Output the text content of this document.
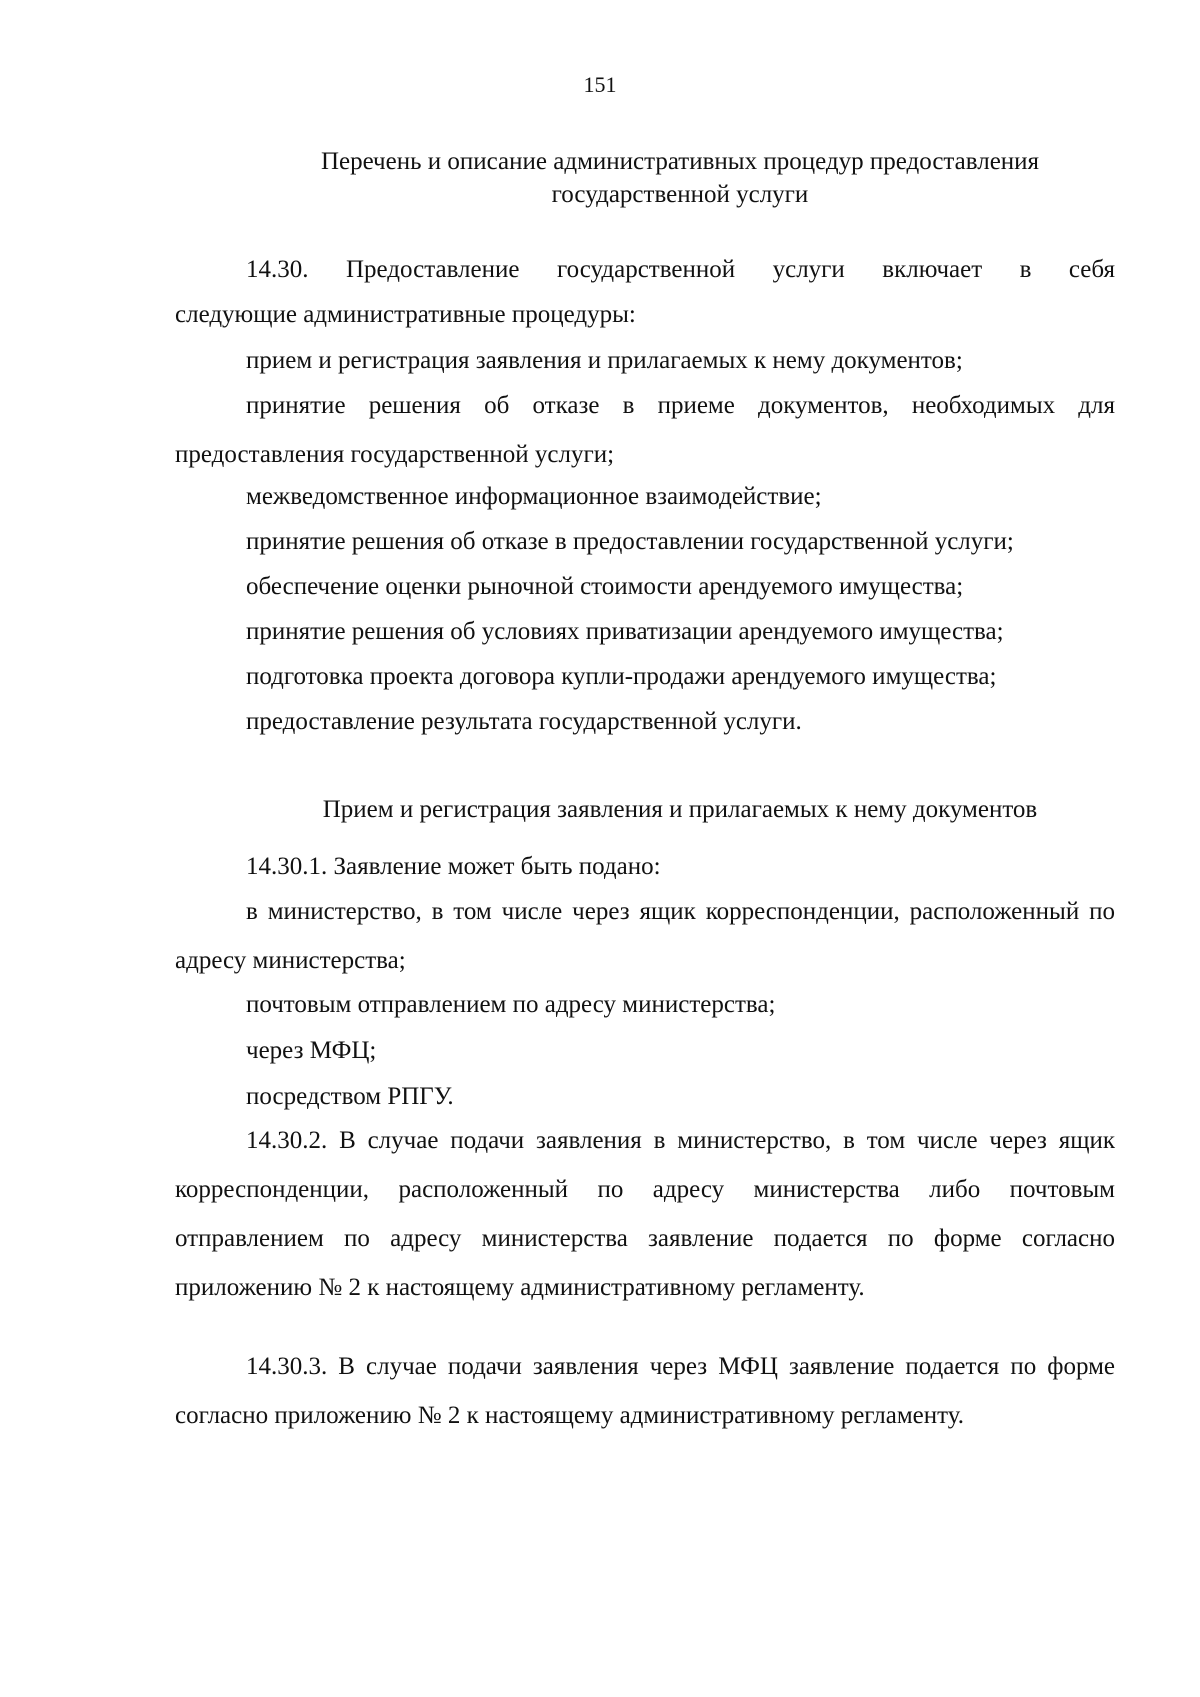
151
Перечень и описание административных процедур предоставления
государственной услуги
14.30. Предоставление государственной услуги включает в себя
следующие административные процедуры:
прием и регистрация заявления и прилагаемых к нему документов;
принятие решения об отказе в приеме документов, необходимых для предоставления государственной услуги;
межведомственное информационное взаимодействие;
принятие решения об отказе в предоставлении государственной услуги;
обеспечение оценки рыночной стоимости арендуемого имущества;
принятие решения об условиях приватизации арендуемого имущества;
подготовка проекта договора купли-продажи арендуемого имущества;
предоставление результата государственной услуги.
Прием и регистрация заявления и прилагаемых к нему документов
14.30.1. Заявление может быть подано:
в министерство, в том числе через ящик корреспонденции, расположенный по адресу министерства;
почтовым отправлением по адресу министерства;
через МФЦ;
посредством РПГУ.
14.30.2. В случае подачи заявления в министерство, в том числе через ящик корреспонденции, расположенный по адресу министерства либо почтовым отправлением по адресу министерства заявление подается по форме согласно приложению № 2 к настоящему административному регламенту.
14.30.3. В случае подачи заявления через МФЦ заявление подается по форме согласно приложению № 2 к настоящему административному регламенту.
